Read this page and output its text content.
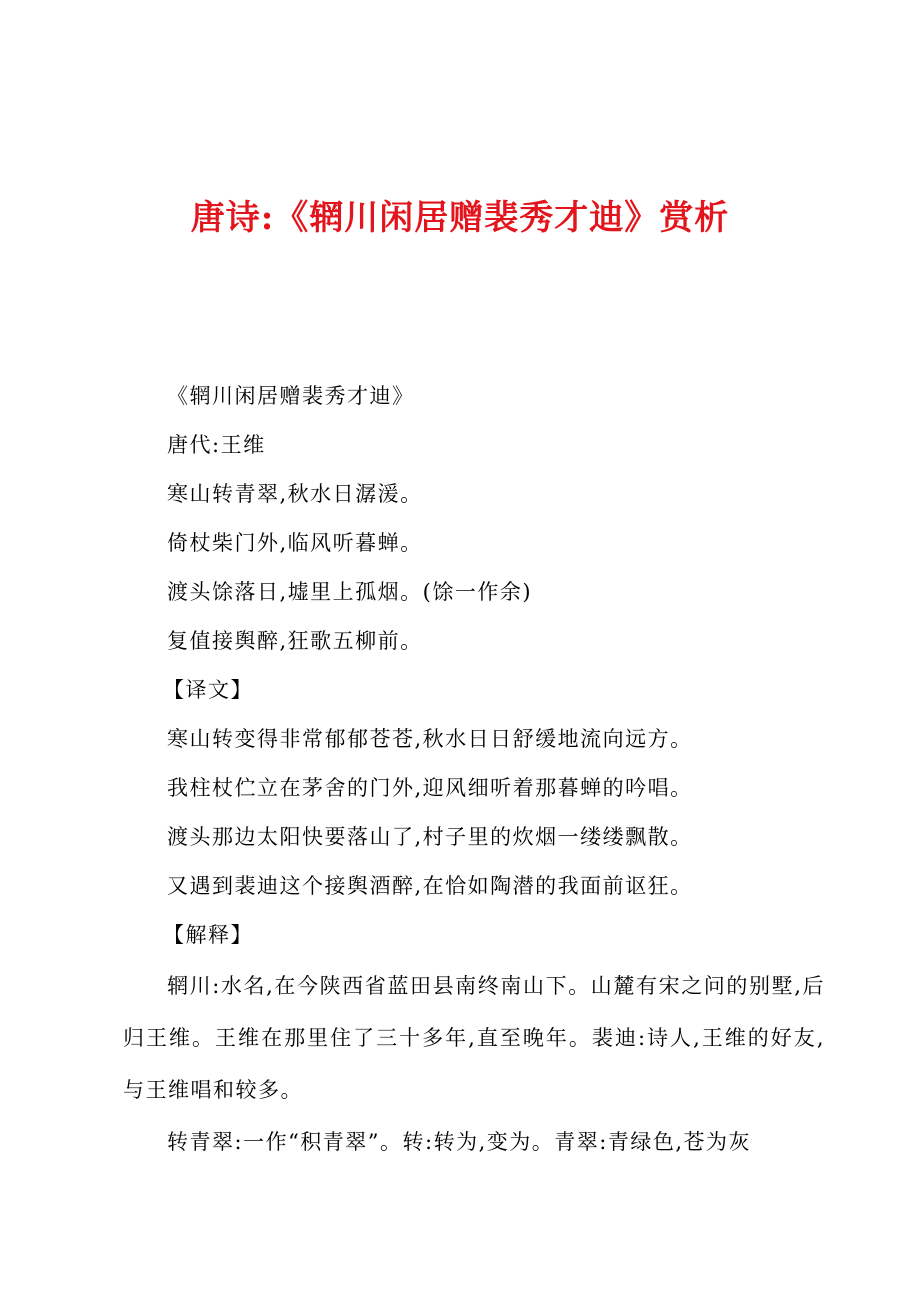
唐诗:《辋川闲居赠裴秀才迪》赏析

《辋川闲居赠裴秀才迪》

唐代:王维

寒山转青翠,秋水日潺湲。

倚杖柴门外,临风听暮蝉。

渡头馀落日,墟里上孤烟。(馀一作余)

复值接舆醉,狂歌五柳前。

【译文】

寒山转变得非常郁郁苍苍,秋水日日舒缓地流向远方。

我柱杖伫立在茅舍的门外,迎风细听着那暮蝉的吟唱。

渡头那边太阳快要落山了,村子里的炊烟一缕缕飘散。

又遇到裴迪这个接舆酒醉,在恰如陶潜的我面前讴狂。

【解释】

辋川:水名,在今陕西省蓝田县南终南山下。山麓有宋之问的别墅,后归王维。王维在那里住了三十多年,直至晚年。裴迪:诗人,王维的好友,与王维唱和较多。

转青翠:一作“积青翠”。转:转为,变为。青翠:青绿色,苍为灰
